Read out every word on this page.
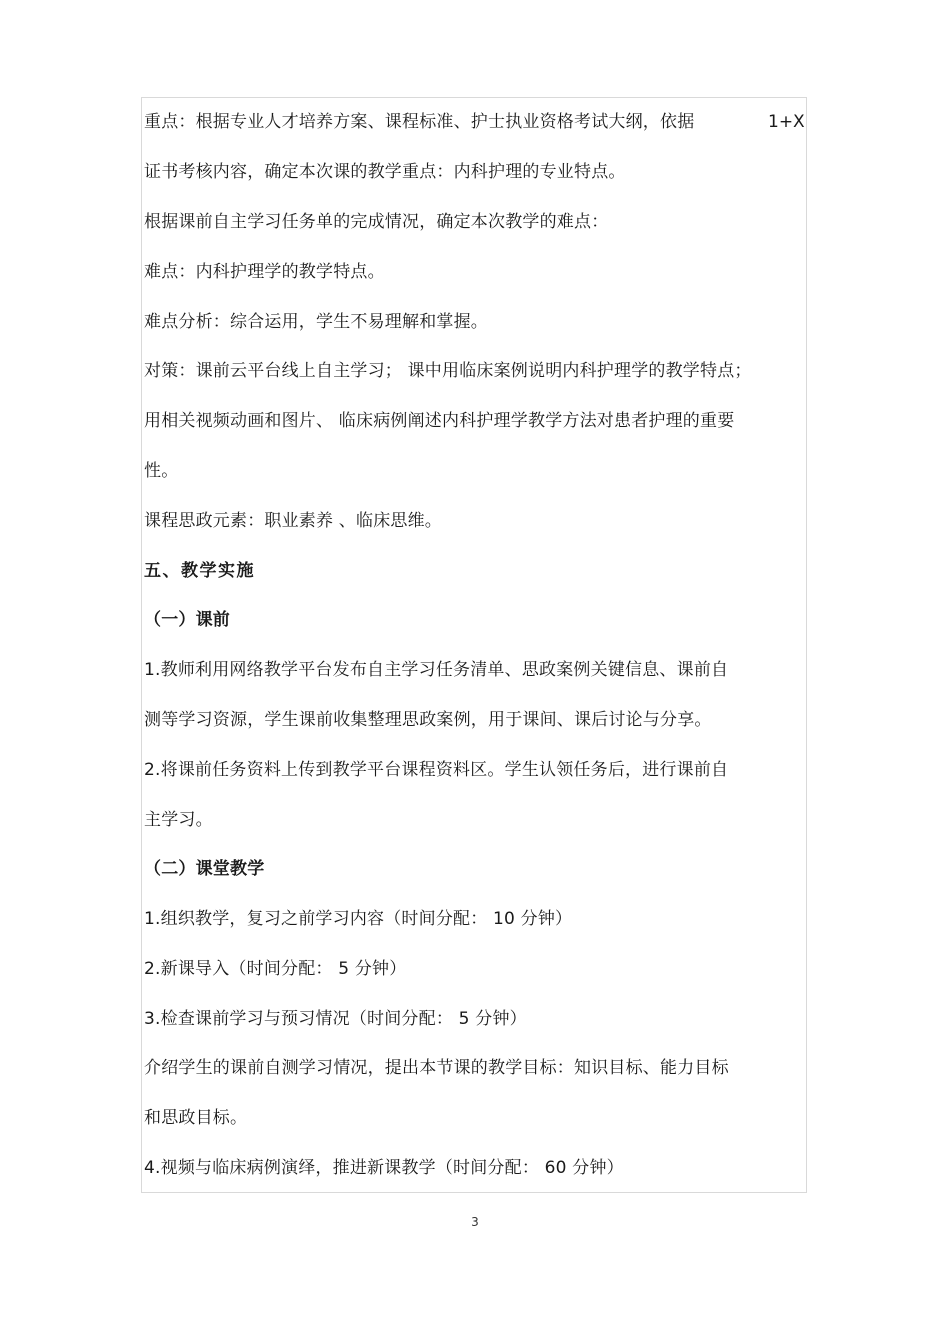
重点：根据专业人才培养方案、课程标准、护士执业资格考试大纲，依据	1+X
证书考核内容，确定本次课的教学重点：内科护理的专业特点。
根据课前自主学习任务单的完成情况，确定本次教学的难点：
难点：内科护理学的教学特点。
难点分析：综合运用，学生不易理解和掌握。
对策：课前云平台线上自主学习； 课中用临床案例说明内科护理学的教学特点；
用相关视频动画和图片、 临床病例阐述内科护理学教学方法对患者护理的重要
性。
课程思政元素：职业素养 、临床思维。
五、教学实施
（一）课前
1.教师利用网络教学平台发布自主学习任务清单、思政案例关键信息、课前自
测等学习资源，学生课前收集整理思政案例，用于课间、课后讨论与分享。
2.将课前任务资料上传到教学平台课程资料区。学生认领任务后，进行课前自
主学习。
（二）课堂教学
1.组织教学，复习之前学习内容（时间分配： 10 分钟）
2.新课导入（时间分配： 5 分钟）
3.检查课前学习与预习情况（时间分配： 5 分钟）
介绍学生的课前自测学习情况，提出本节课的教学目标：知识目标、能力目标
和思政目标。
4.视频与临床病例演绎，推进新课教学（时间分配： 60 分钟）
3
